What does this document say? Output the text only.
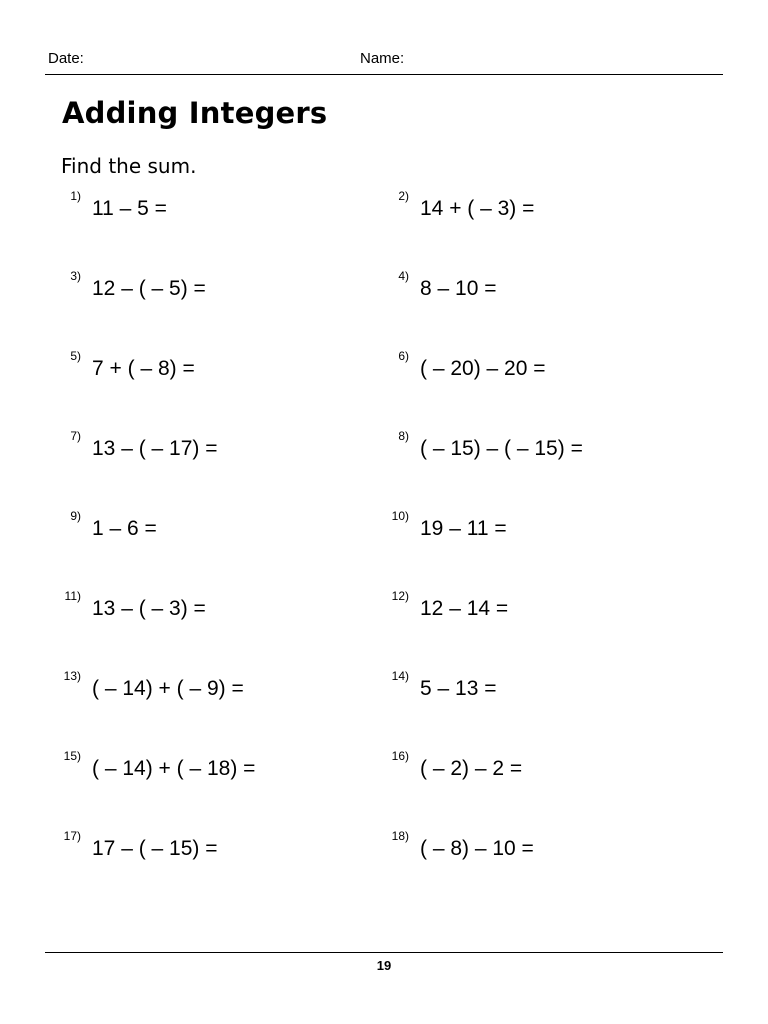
Date:	Name:
Adding Integers
Find the sum.
1)
11 – 5 =
2)
14 + ( – 3) =
3)
12 – ( – 5) =
4)
8 – 10 =
5)
7 + ( – 8) =
6)
( – 20) – 20 =
7)
13 – ( – 17) =
8)
( – 15) – ( – 15) =
9)
1 – 6 =
10)
19 – 11 =
11)
13 – ( – 3) =
12)
12 – 14 =
13)
( – 14) + ( – 9) =
14)
5 – 13 =
15)
( – 14) + ( – 18) =
16)
( – 2) – 2 =
17)
17 – ( – 15) =
18)
( – 8) – 10 =
19
